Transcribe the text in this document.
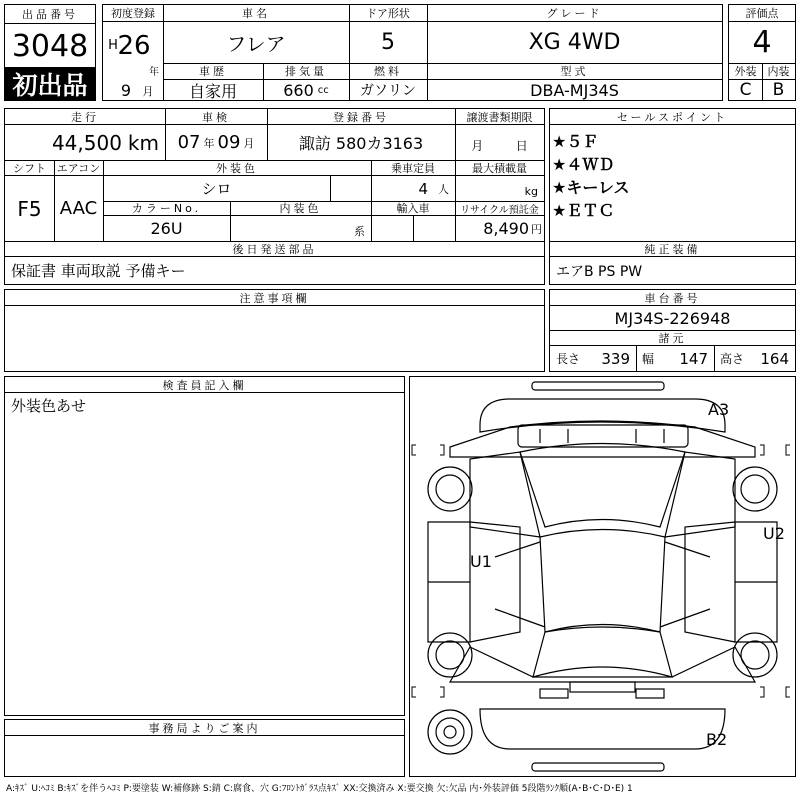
出品番号
3048
初出品
初度登録
H 26
年
9	月
車名
フレア
ドア形状
5
グレード
XG 4WD
車歴
自家用
排気量
660 cc
燃料
ガソリン
型式
DBA-MJ34S
評価点
4
外装	内装
C	B
走行
44,500 km
車検
07 年 09 月
登録番号
諏訪 580カ3163
譲渡書類期限
月	日
シフト
F5
エアコン
AAC
外装色
シロ
乗車定員
4 人
最大積載量
kg
カラーNo.
26U
内装色
系
輸入車	リサイクル預託金
8,490 円
後日発送部品
保証書 車両取説 予備キー
セールスポイント
★５Ｆ
★４ＷＤ
★キーレス
★ＥＴＣ
純正装備
エアB PS PW
注意事項欄	車台番号
MJ34S-226948
諸元
長さ 339 幅 147 高さ 164
検査員記入欄
外装色あせ
事務局よりご案内
A3
U1
U2
B2
A:ｷｽﾞ U:ﾍｺﾐ B:ｷｽﾞを伴うﾍｺﾐ P:要塗装 W:補修跡 S:錆 C:腐食、穴 G:ﾌﾛﾝﾄｶﾞﾗｽ点ｷｽﾞ XX:交換済み X:要交換 欠:欠品 内･外装評価 5段階ﾗﾝｸ順(A･B･C･D･E) 1
